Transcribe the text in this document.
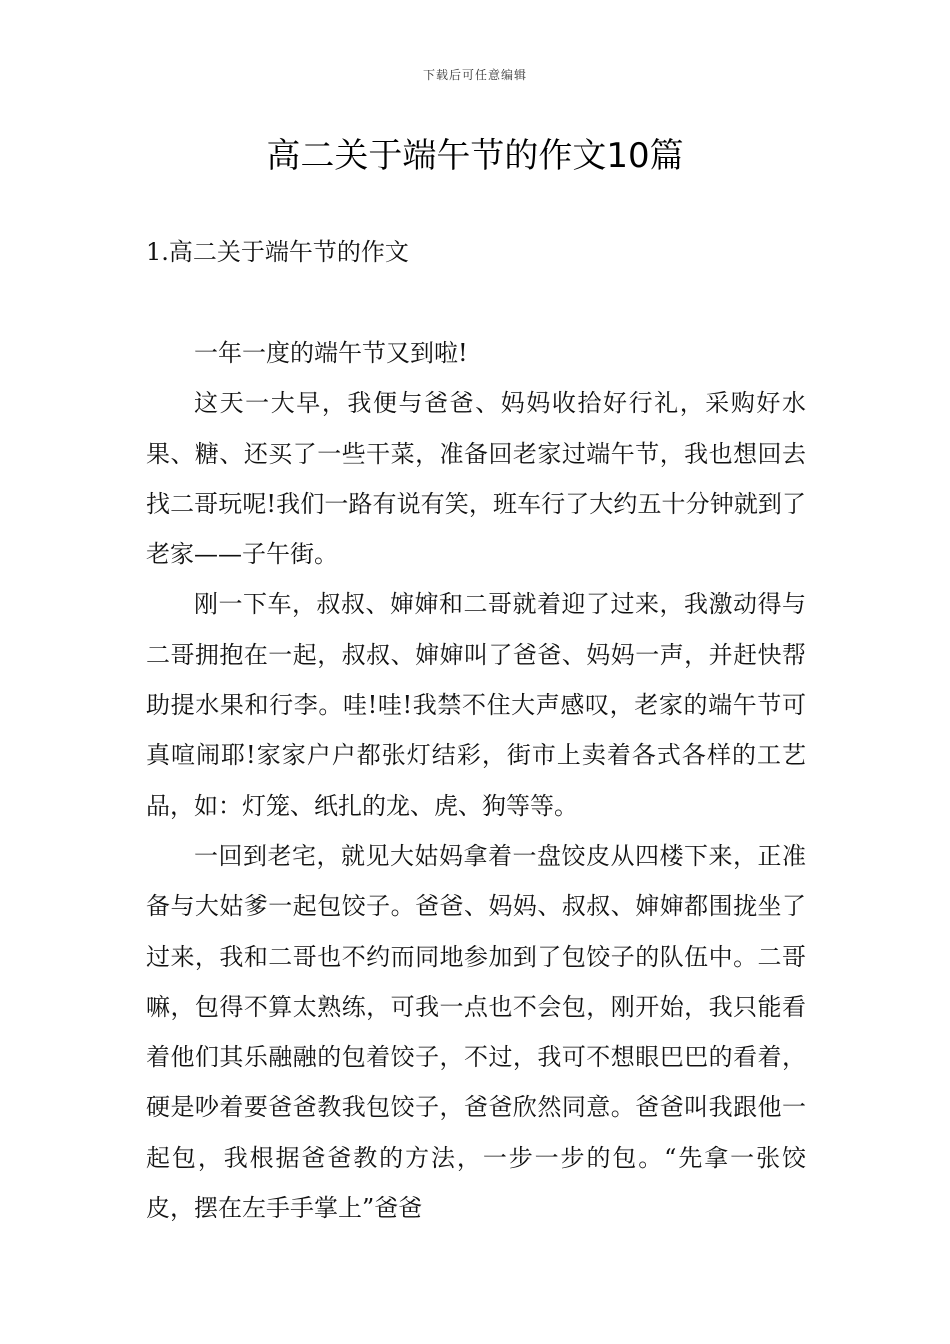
下载后可任意编辑
高二关于端午节的作文10篇
1.高二关于端午节的作文

一年一度的端午节又到啦!

这天一大早，我便与爸爸、妈妈收拾好行礼，采购好水果、糖、还买了一些干菜，准备回老家过端午节，我也想回去找二哥玩呢!我们一路有说有笑，班车行了大约五十分钟就到了老家——子午街。

刚一下车，叔叔、婶婶和二哥就着迎了过来，我激动得与二哥拥抱在一起，叔叔、婶婶叫了爸爸、妈妈一声，并赶快帮助提水果和行李。哇!哇!我禁不住大声感叹，老家的端午节可真喧闹耶!家家户户都张灯结彩，街市上卖着各式各样的工艺品，如：灯笼、纸扎的龙、虎、狗等等。

一回到老宅，就见大姑妈拿着一盘饺皮从四楼下来，正准备与大姑爹一起包饺子。爸爸、妈妈、叔叔、婶婶都围拢坐了过来，我和二哥也不约而同地参加到了包饺子的队伍中。二哥嘛，包得不算太熟练，可我一点也不会包，刚开始，我只能看着他们其乐融融的包着饺子，不过，我可不想眼巴巴的看着，硬是吵着要爸爸教我包饺子，爸爸欣然同意。爸爸叫我跟他一起包，我根据爸爸教的方法，一步一步的包。“先拿一张饺皮，摆在左手手掌上”爸爸
